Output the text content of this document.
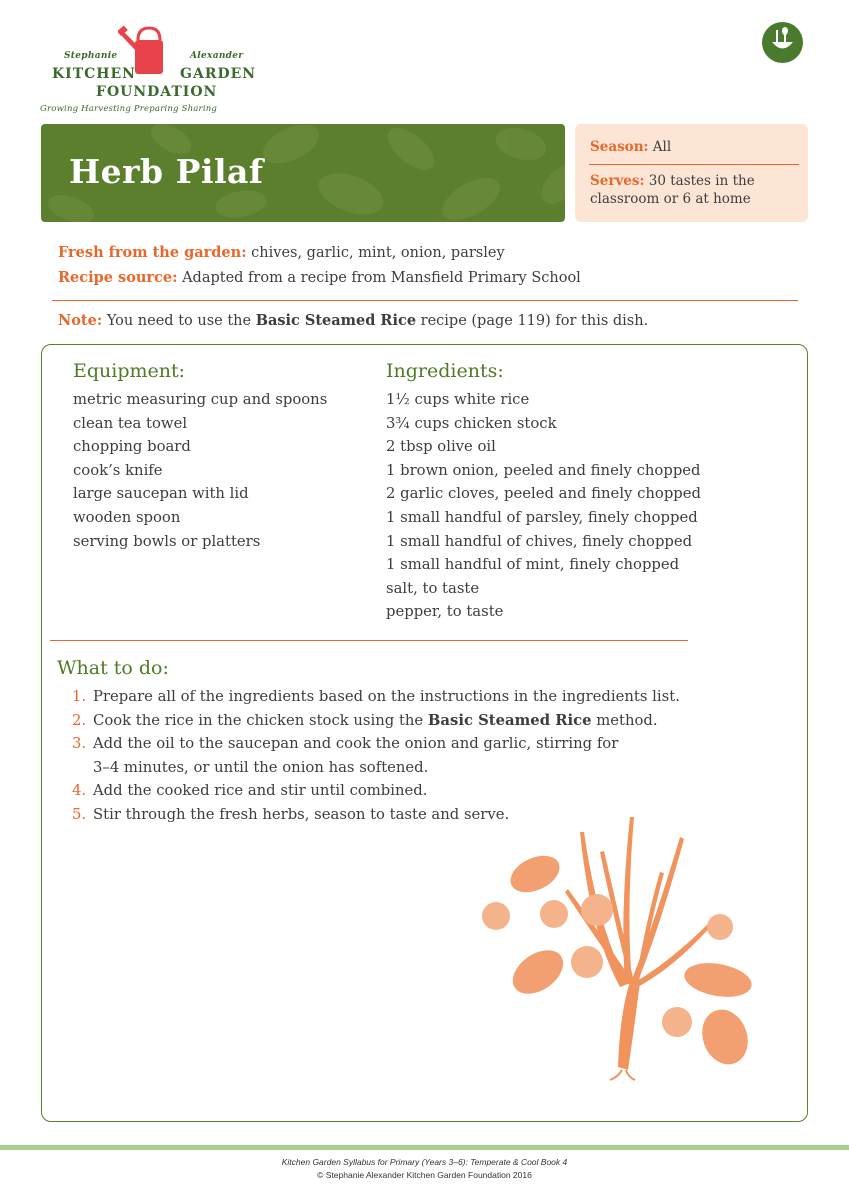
Stephanie	Alexander
KITCHEN	GARDEN
FOUNDATION
Growing Harvesting Preparing Sharing
Herb Pilaf
Season: All
Serves: 30 tastes in the
classroom or 6 at home
Fresh from the garden: chives, garlic, mint, onion, parsley
Recipe source: Adapted from a recipe from Mansfield Primary School
Note: You need to use the Basic Steamed Rice recipe (page 119) for this dish.
Equipment:
metric measuring cup and spoons
clean tea towel
chopping board
cook’s knife
large saucepan with lid
wooden spoon
serving bowls or platters
Ingredients:
1½ cups white rice
3¾ cups chicken stock
2 tbsp olive oil
1 brown onion, peeled and finely chopped
2 garlic cloves, peeled and finely chopped
1 small handful of parsley, finely chopped
1 small handful of chives, finely chopped
1 small handful of mint, finely chopped
salt, to taste
pepper, to taste
What to do:
1. Prepare all of the ingredients based on the instructions in the ingredients list.
2. Cook the rice in the chicken stock using the Basic Steamed Rice method.
3. Add the oil to the saucepan and cook the onion and garlic, stirring for
3–4 minutes, or until the onion has softened.
4. Add the cooked rice and stir until combined.
5. Stir through the fresh herbs, season to taste and serve.
Kitchen Garden Syllabus for Primary (Years 3–6): Temperate & Cool Book 4
© Stephanie Alexander Kitchen Garden Foundation 2016
